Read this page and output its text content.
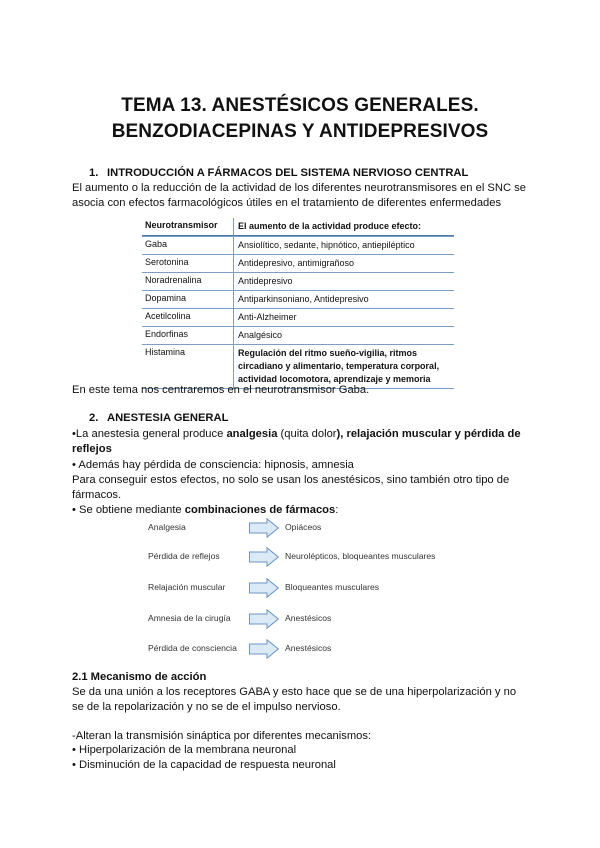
TEMA 13. ANESTÉSICOS GENERALES.
BENZODIACEPINAS Y ANTIDEPRESIVOS
1. INTRODUCCIÓN A FÁRMACOS DEL SISTEMA NERVIOSO CENTRAL
El aumento o la reducción de la actividad de los diferentes neurotransmisores en el SNC se
asocia con efectos farmacológicos útiles en el tratamiento de diferentes enfermedades
Neurotransmisor	El aumento de la actividad produce efecto:
Gaba	Ansiolítico, sedante, hipnótico, antiepiléptico
Serotonina	Antidepresivo, antimigrañoso
Noradrenalina	Antidepresivo
Dopamina	Antiparkinsoniano, Antidepresivo
Acetilcolina	Anti-Alzheimer
Endorfinas	Analgésico
Histamina	Regulación del ritmo sueño-vigilia, ritmos circadiano y alimentario, temperatura corporal, actividad locomotora, aprendizaje y memoria
En este tema nos centraremos en el neurotransmisor Gaba.
2. ANESTESIA GENERAL
•La anestesia general produce analgesia (quita dolor), relajación muscular y pérdida de
reflejos
• Además hay pérdida de consciencia: hipnosis, amnesia
Para conseguir estos efectos, no solo se usan los anestésicos, sino también otro tipo de
fármacos.
• Se obtiene mediante combinaciones de fármacos:
Analgesia	Opiáceos
Pérdida de reflejos	Neurolépticos, bloqueantes musculares
Relajación muscular	Bloqueantes musculares
Amnesia de la cirugía	Anestésicos
Pérdida de consciencia	Anestésicos
2.1 Mecanismo de acción
Se da una unión a los receptores GABA y esto hace que se de una hiperpolarización y no
se de la repolarización y no se de el impulso nervioso.
-Alteran la transmisión sináptica por diferentes mecanismos:
• Hiperpolarización de la membrana neuronal
• Disminución de la capacidad de respuesta neuronal
